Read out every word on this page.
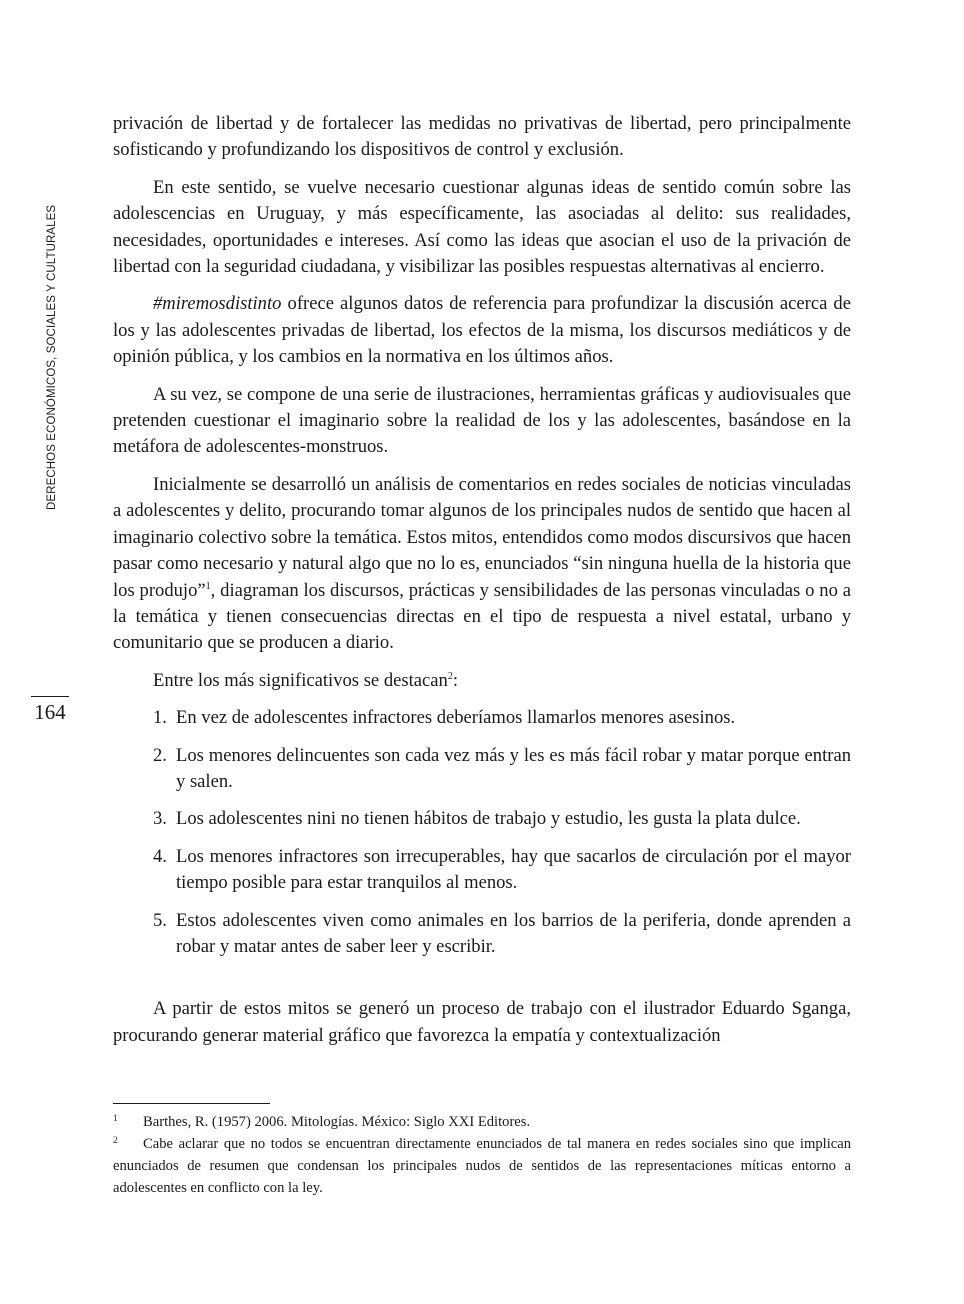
DERECHOS ECONÓMICOS, SOCIALES Y CULTURALES
164

privación de libertad y de fortalecer las medidas no privativas de libertad, pero principalmente sofisticando y profundizando los dispositivos de control y exclusión.

En este sentido, se vuelve necesario cuestionar algunas ideas de sentido común sobre las adolescencias en Uruguay, y más específicamente, las asociadas al delito: sus realidades, necesidades, oportunidades e intereses. Así como las ideas que asocian el uso de la privación de libertad con la seguridad ciudadana, y visibilizar las posibles respuestas alternativas al encierro.

#miremosdistinto ofrece algunos datos de referencia para profundizar la discusión acerca de los y las adolescentes privadas de libertad, los efectos de la misma, los discursos mediáticos y de opinión pública, y los cambios en la normativa en los últimos años.

A su vez, se compone de una serie de ilustraciones, herramientas gráficas y audiovisuales que pretenden cuestionar el imaginario sobre la realidad de los y las adolescentes, basándose en la metáfora de adolescentes-monstruos.

Inicialmente se desarrolló un análisis de comentarios en redes sociales de noticias vinculadas a adolescentes y delito, procurando tomar algunos de los principales nudos de sentido que hacen al imaginario colectivo sobre la temática. Estos mitos, entendidos como modos discursivos que hacen pasar como necesario y natural algo que no lo es, enunciados “sin ninguna huella de la historia que los produjo”$^1$, diagraman los discursos, prácticas y sensibilidades de las personas vinculadas o no a la temática y tienen consecuencias directas en el tipo de respuesta a nivel estatal, urbano y comunitario que se producen a diario.

Entre los más significativos se destacan$^2$:

1. En vez de adolescentes infractores deberíamos llamarlos menores asesinos.
2. Los menores delincuentes son cada vez más y les es más fácil robar y matar porque entran y salen.
3. Los adolescentes nini no tienen hábitos de trabajo y estudio, les gusta la plata dulce.
4. Los menores infractores son irrecuperables, hay que sacarlos de circulación por el mayor tiempo posible para estar tranquilos al menos.
5. Estos adolescentes viven como animales en los barrios de la periferia, donde aprenden a robar y matar antes de saber leer y escribir.

A partir de estos mitos se generó un proceso de trabajo con el ilustrador Eduardo Sganga, procurando generar material gráfico que favorezca la empatía y contextualización

1 Barthes, R. (1957) 2006. Mitologías. México: Siglo XXI Editores.
2 Cabe aclarar que no todos se encuentran directamente enunciados de tal manera en redes sociales sino que implican enunciados de resumen que condensan los principales nudos de sentidos de las representaciones míticas entorno a adolescentes en conflicto con la ley.
